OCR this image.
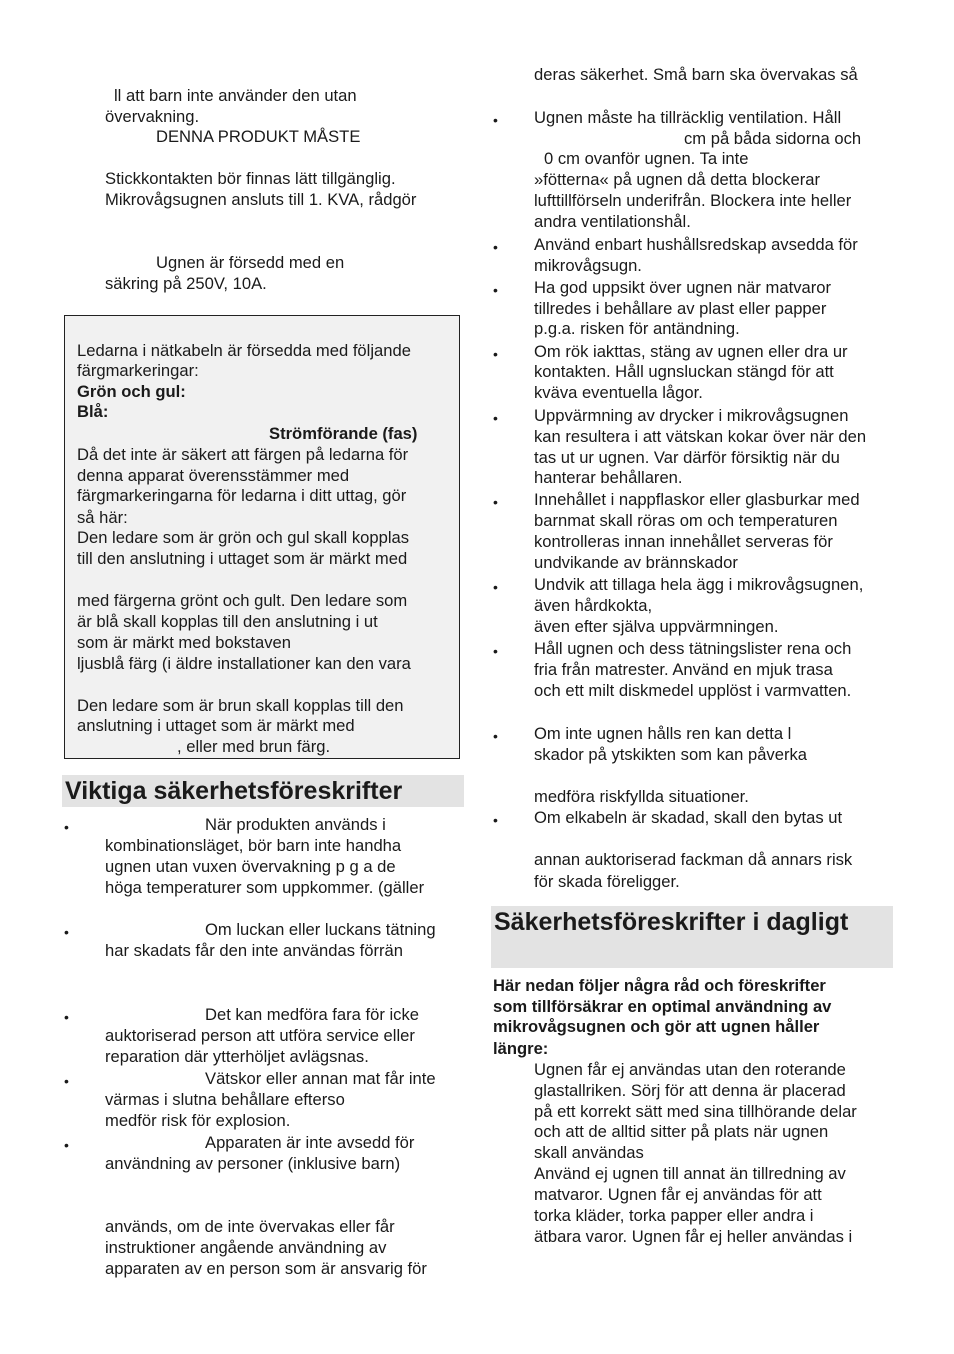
ll att barn inte använder den utan
övervakning.
DENNA PRODUKT MÅSTE
Stickkontakten bör finnas lätt tillgänglig.
Mikrovågsugnen ansluts till 1. KVA, rådgör
Ugnen är försedd med en
säkring på 250V, 10A.
Ledarna i nätkabeln är försedda med följande
färgmarkeringar:
Grön och gul:
Blå:
Strömförande (fas)
Då det inte är säkert att färgen på ledarna för
denna apparat överensstämmer med
färgmarkeringarna för ledarna i ditt uttag, gör
så här:
Den ledare som är grön och gul skall kopplas
till den anslutning i uttaget som är märkt med
med färgerna grönt och gult. Den ledare som
är blå skall kopplas till den anslutning i ut
som är märkt med bokstaven
ljusblå färg (i äldre installationer kan den vara
Den ledare som är brun skall kopplas till den
anslutning i uttaget som är märkt med
, eller med brun färg.
Viktiga säkerhetsföreskrifter
•
•
•
•
•
När produkten används i
kombinationsläget, bör barn inte handha
ugnen utan vuxen övervakning p g a de
höga temperaturer som uppkommer. (gäller
Om luckan eller luckans tätning
har skadats får den inte användas förrän
Det kan medföra fara för icke
auktoriserad person att utföra service eller
reparation där ytterhöljet avlägsnas.
Vätskor eller annan mat får inte
värmas i slutna behållare efterso
medför risk för explosion.
Apparaten är inte avsedd för
användning av personer (inklusive barn)
används, om de inte övervakas eller får
instruktioner angående användning av
apparaten av en person som är ansvarig för
•
•
•
•
•
•
•
•
•
•
deras säkerhet. Små barn ska övervakas så
Ugnen måste ha tillräcklig ventilation. Håll
cm på båda sidorna och
0 cm ovanför ugnen. Ta inte
»fötterna« på ugnen då detta blockerar
lufttillförseln underifrån. Blockera inte heller
andra ventilationshål.
Använd enbart hushållsredskap avsedda för
mikrovågsugn.
Ha god uppsikt över ugnen när matvaror
tillredes i behållare av plast eller papper
p.g.a. risken för antändning.
Om rök iakttas, stäng av ugnen eller dra ur
kontakten. Håll ugnsluckan stängd för att
kväva eventuella lågor.
Uppvärmning av drycker i mikrovågsugnen
kan resultera i att vätskan kokar över när den
tas ut ur ugnen. Var därför försiktig när du
hanterar behållaren.
Innehållet i nappflaskor eller glasburkar med
barnmat skall röras om och temperaturen
kontrolleras innan innehållet serveras för
undvikande av brännskador
Undvik att tillaga hela ägg i mikrovågsugnen,
även hårdkokta,
även efter själva uppvärmningen.
Håll ugnen och dess tätningslister rena och
fria från matrester. Använd en mjuk trasa
och ett milt diskmedel upplöst i varmvatten.
Om inte ugnen hålls ren kan detta l
skador på ytskikten som kan påverka
medföra riskfyllda situationer.
Om elkabeln är skadad, skall den bytas ut
annan auktoriserad fackman då annars risk
för skada föreligger.
Säkerhetsföreskrifter i dagligt
Här nedan följer några råd och föreskrifter
som tillförsäkrar en optimal användning av
mikrovågsugnen och gör att ugnen håller
längre:
Ugnen får ej användas utan den roterande
glastallriken. Sörj för att denna är placerad
på ett korrekt sätt med sina tillhörande delar
och att de alltid sitter på plats när ugnen
skall användas
Använd ej ugnen till annat än tillredning av
matvaror. Ugnen får ej användas för att
torka kläder, torka papper eller andra i
ätbara varor. Ugnen får ej heller användas i
